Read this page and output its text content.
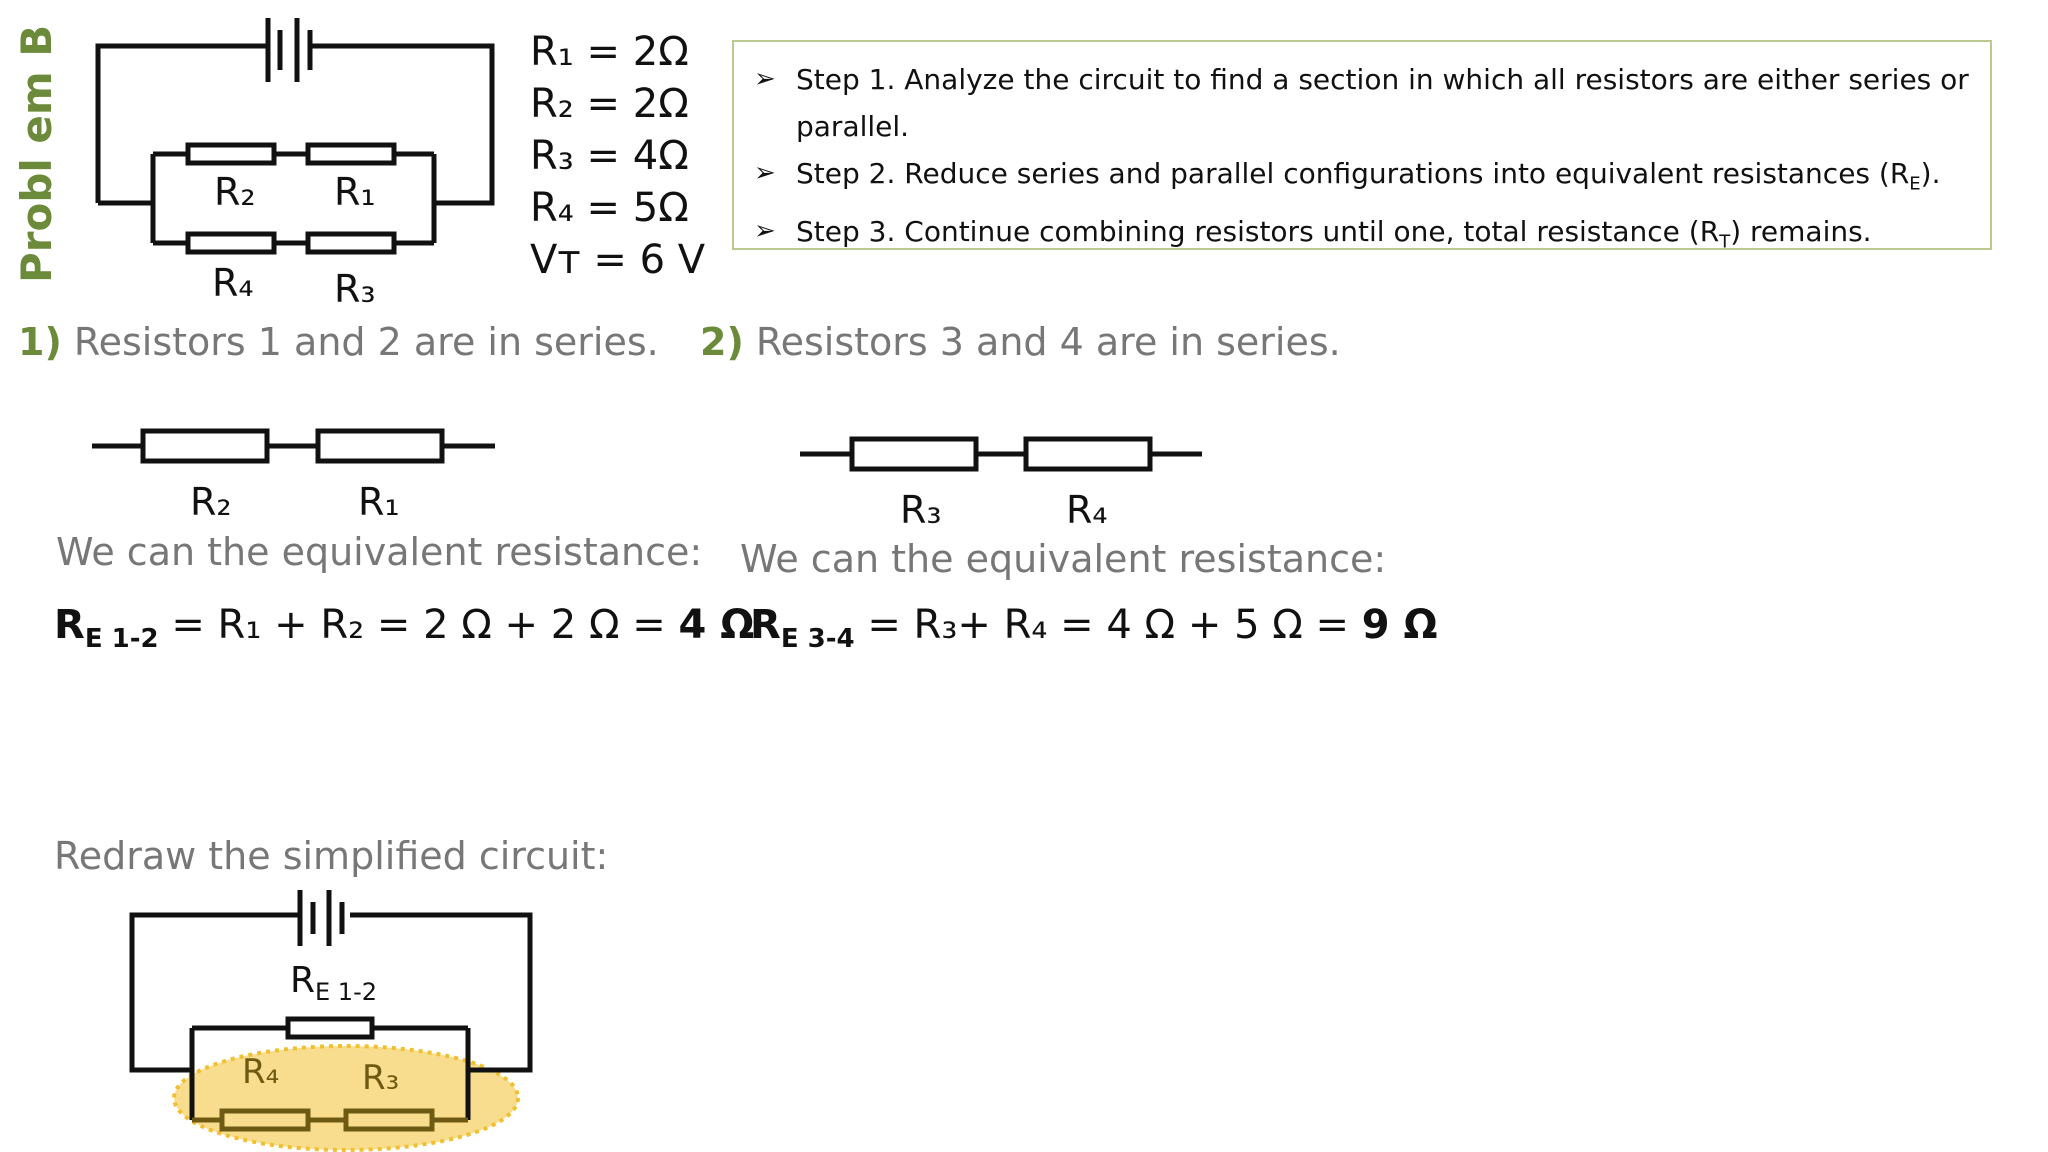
Probl em B	R₂ R₁
R₄ R₃
R₁ = 2Ω
R₂ = 2Ω
R₃ = 4Ω
R₄ = 5Ω
Vᴛ = 6 V
➢ Step 1. Analyze the circuit to find a section in which all resistors are either series or parallel.
➢ Step 2. Reduce series and parallel configurations into equivalent resistances $(R_E)$.
➢ Step 3. Continue combining resistors until one, total resistance $(R_T)$ remains.
1) Resistors 1 and 2 are in series. 2) Resistors 3 and 4 are in series.
R₂	R₁	R₃	R₄
We can the equivalent resistance: We can the equivalent resistance:
$R_{E 1-2} = R_1 + R_2 = 2$ Ω + 2 Ω = 4 Ω
$R_{E 3-4} = R_3+ R_4 = 4$ Ω + 5 Ω = 9 Ω
Redraw the simplified circuit:
$R_{E 1-2}$
R₄ R₃
